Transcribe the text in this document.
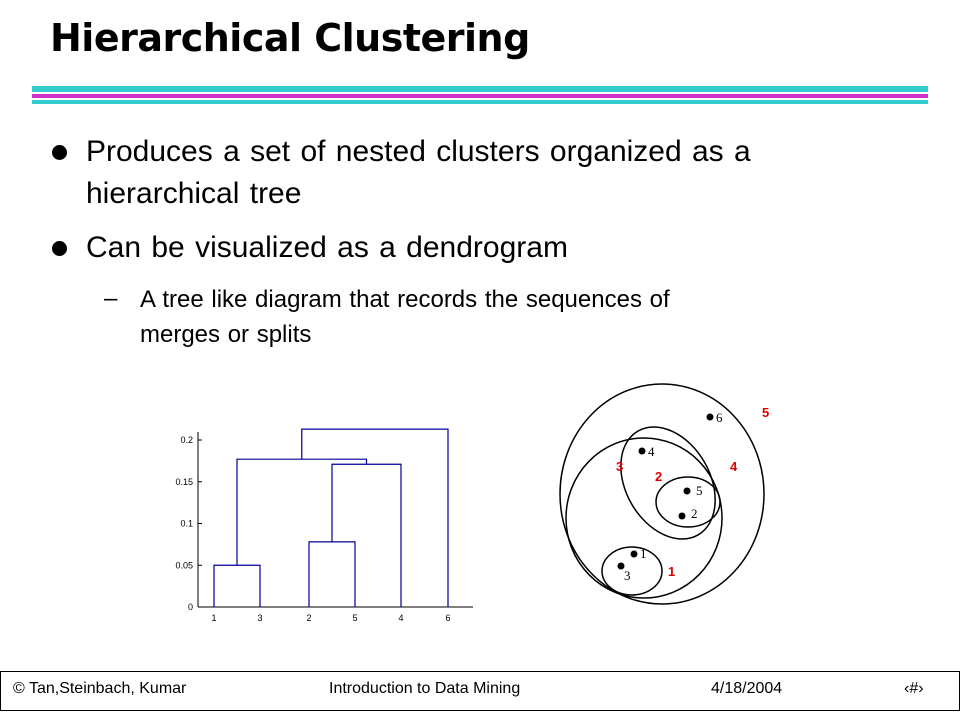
Hierarchical Clustering
Produces a set of nested clusters organized as a
hierarchical tree
Can be visualized as a dendrogram
– A tree like diagram that records the sequences of
merges or splits
0
0.05
0.1
0.15
0.2
1	3	2	5	4	6
6
4
5
2
1
3
5
3	4
2
1
© Tan,Steinbach, Kumar	Introduction to Data Mining	4/18/2004	‹#›
